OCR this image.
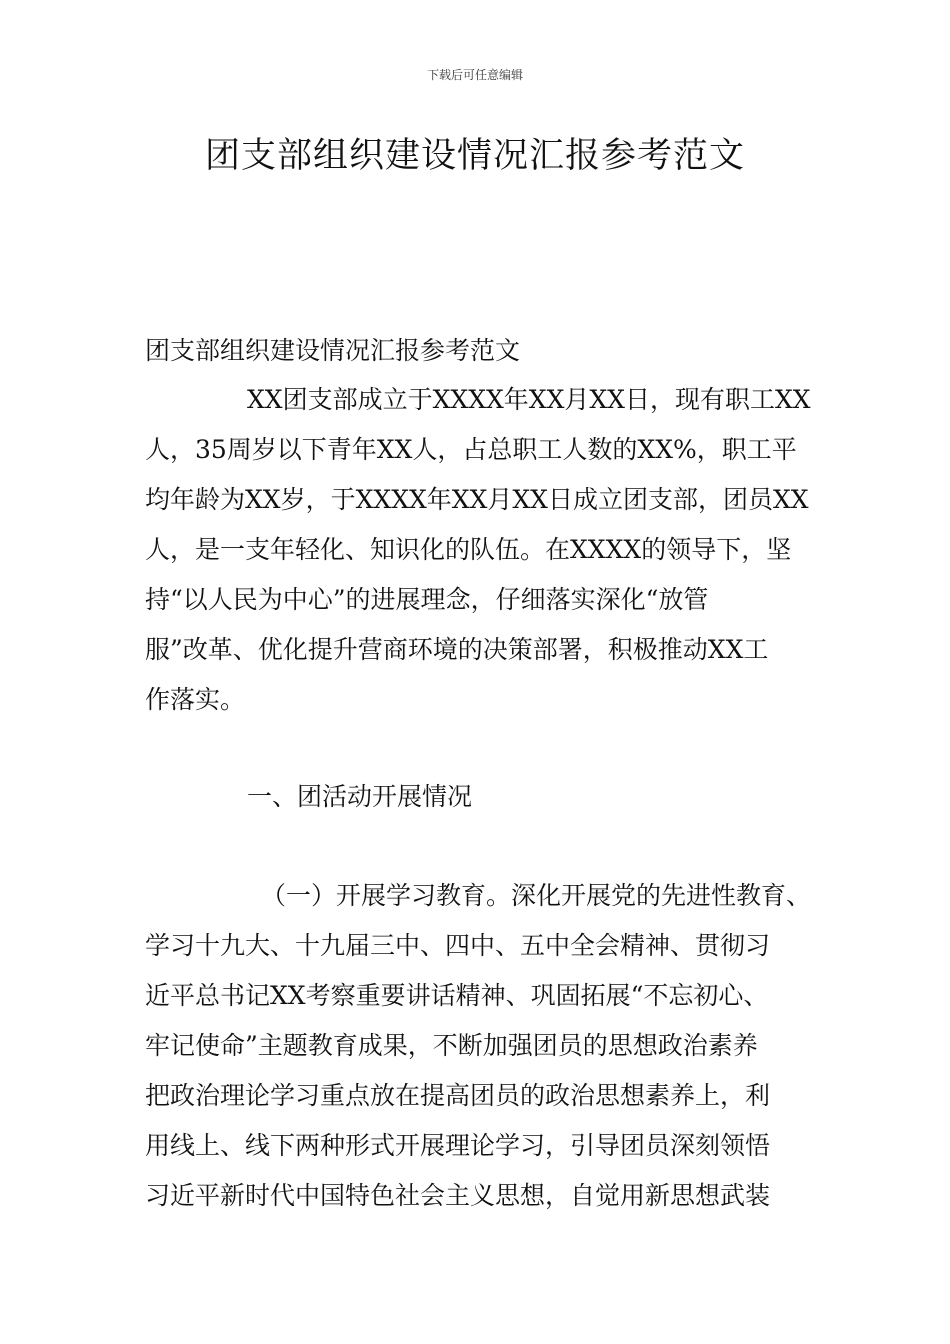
下载后可任意编辑
团支部组织建设情况汇报参考范文
团支部组织建设情况汇报参考范文
XX团支部成立于XXXX年XX月XX日，现有职工XX
人，35周岁以下青年XX人，占总职工人数的XX%，职工平
均年龄为XX岁，于XXXX年XX月XX日成立团支部，团员XX
人，是一支年轻化、知识化的队伍。在XXXX的领导下，坚
持“以人民为中心”的进展理念，仔细落实深化“放管
服”改革、优化提升营商环境的决策部署，积极推动XX工
作落实。
一、团活动开展情况
（一）开展学习教育。深化开展党的先进性教育、
学习十九大、十九届三中、四中、五中全会精神、贯彻习
近平总书记XX考察重要讲话精神、巩固拓展“不忘初心、
牢记使命”主题教育成果，不断加强团员的思想政治素养
把政治理论学习重点放在提高团员的政治思想素养上，利
用线上、线下两种形式开展理论学习，引导团员深刻领悟
习近平新时代中国特色社会主义思想，自觉用新思想武装
